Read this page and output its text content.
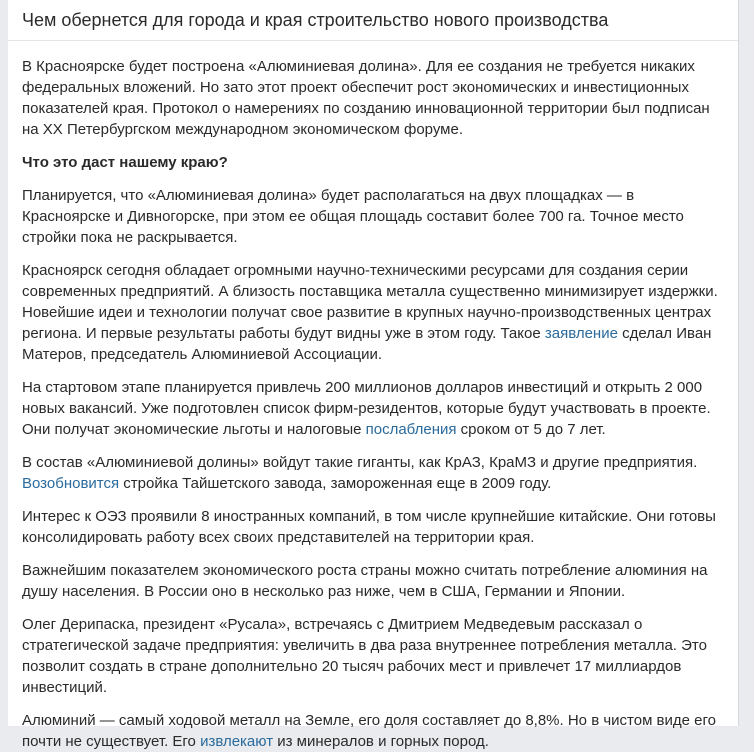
Чем обернется для города и края строительство нового производства

В Красноярске будет построена «Алюминиевая долина». Для ее создания не требуется никаких федеральных вложений. Но зато этот проект обеспечит рост экономических и инвестиционных показателей края. Протокол о намерениях по созданию инновационной территории был подписан на XX Петербургском международном экономическом форуме.

Что это даст нашему краю?

Планируется, что «Алюминиевая долина» будет располагаться на двух площадках — в Красноярске и Дивногорске, при этом ее общая площадь составит более 700 га. Точное место стройки пока не раскрывается.

Красноярск сегодня обладает огромными научно-техническими ресурсами для создания серии современных предприятий. А близость поставщика металла существенно минимизирует издержки. Новейшие идеи и технологии получат свое развитие в крупных научно-производственных центрах региона. И первые результаты работы будут видны уже в этом году. Такое заявление сделал Иван Матеров, председатель Алюминиевой Ассоциации.

На стартовом этапе планируется привлечь 200 миллионов долларов инвестиций и открыть 2 000 новых вакансий. Уже подготовлен список фирм-резидентов, которые будут участвовать в проекте. Они получат экономические льготы и налоговые послабления сроком от 5 до 7 лет.

В состав «Алюминиевой долины» войдут такие гиганты, как КрАЗ, КраМЗ и другие предприятия. Возобновится стройка Тайшетского завода, замороженная еще в 2009 году.

Интерес к ОЭЗ проявили 8 иностранных компаний, в том числе крупнейшие китайские. Они готовы консолидировать работу всех своих представителей на территории края.

Важнейшим показателем экономического роста страны можно считать потребление алюминия на душу населения. В России оно в несколько раз ниже, чем в США, Германии и Японии.

Олег Дерипаска, президент «Русала», встречаясь с Дмитрием Медведевым рассказал о стратегической задаче предприятия: увеличить в два раза внутреннее потребления металла. Это позволит создать в стране дополнительно 20 тысяч рабочих мест и привлечет 17 миллиардов инвестиций.

Алюминий — самый ходовой металл на Земле, его доля составляет до 8,8%. Но в чистом виде его почти не существует. Его извлекают из минералов и горных пород.
